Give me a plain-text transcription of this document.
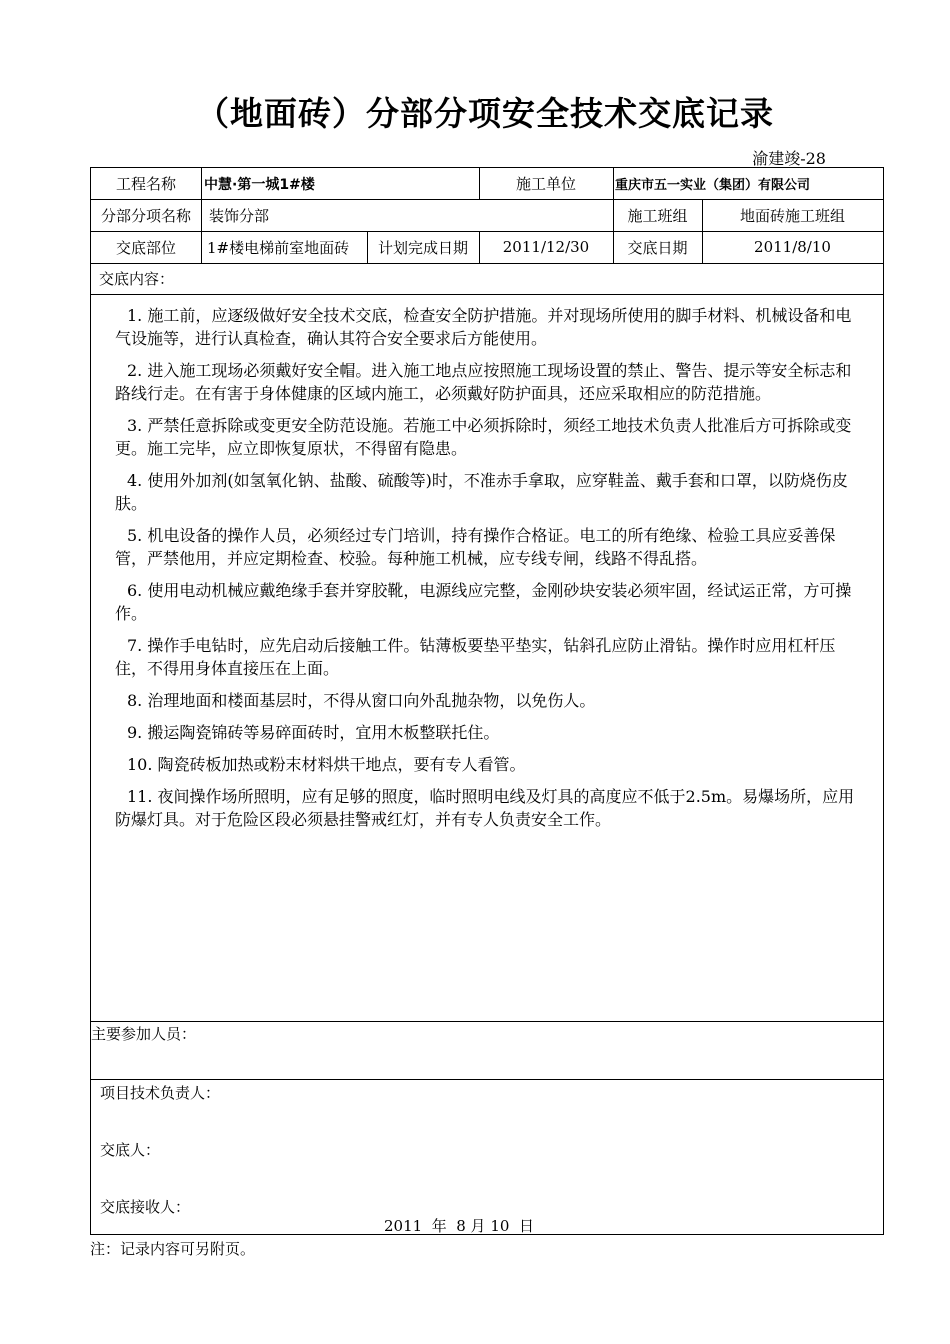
（地面砖）分部分项安全技术交底记录
渝建竣-28
工程名称	中慧·第一城1#楼	施工单位	重庆市五一实业（集团）有限公司
分部分项名称	装饰分部	施工班组	地面砖施工班组
交底部位	1#楼电梯前室地面砖	计划完成日期	2011/12/30	交底日期	2011/8/10
交底内容：

1. 施工前，应逐级做好安全技术交底，检查安全防护措施。并对现场所使用的脚手材料、机械设备和电气设施等，进行认真检查，确认其符合安全要求后方能使用。

2. 进入施工现场必须戴好安全帽。进入施工地点应按照施工现场设置的禁止、警告、提示等安全标志和路线行走。在有害于身体健康的区域内施工，必须戴好防护面具，还应采取相应的防范措施。

3. 严禁任意拆除或变更安全防范设施。若施工中必须拆除时，须经工地技术负责人批准后方可拆除或变更。施工完毕，应立即恢复原状，不得留有隐患。

4. 使用外加剂(如氢氧化钠、盐酸、硫酸等)时，不准赤手拿取，应穿鞋盖、戴手套和口罩，以防烧伤皮肤。

5. 机电设备的操作人员，必须经过专门培训，持有操作合格证。电工的所有绝缘、检验工具应妥善保管，严禁他用，并应定期检查、校验。每种施工机械，应专线专闸，线路不得乱搭。

6. 使用电动机械应戴绝缘手套并穿胶靴，电源线应完整，金刚砂块安装必须牢固，经试运正常，方可操作。

7. 操作手电钻时，应先启动后接触工件。钻薄板要垫平垫实，钻斜孔应防止滑钻。操作时应用杠杆压住，不得用身体直接压在上面。

8. 治理地面和楼面基层时，不得从窗口向外乱抛杂物，以免伤人。

9. 搬运陶瓷锦砖等易碎面砖时，宜用木板整联托住。

10. 陶瓷砖板加热或粉末材料烘干地点，要有专人看管。

11. 夜间操作场所照明，应有足够的照度，临时照明电线及灯具的高度应不低于2.5m。易爆场所，应用防爆灯具。对于危险区段必须悬挂警戒红灯，并有专人负责安全工作。

主要参加人员：
项目技术负责人：
交底人：
交底接收人：
2011  年  8 月 10  日
注：记录内容可另附页。
